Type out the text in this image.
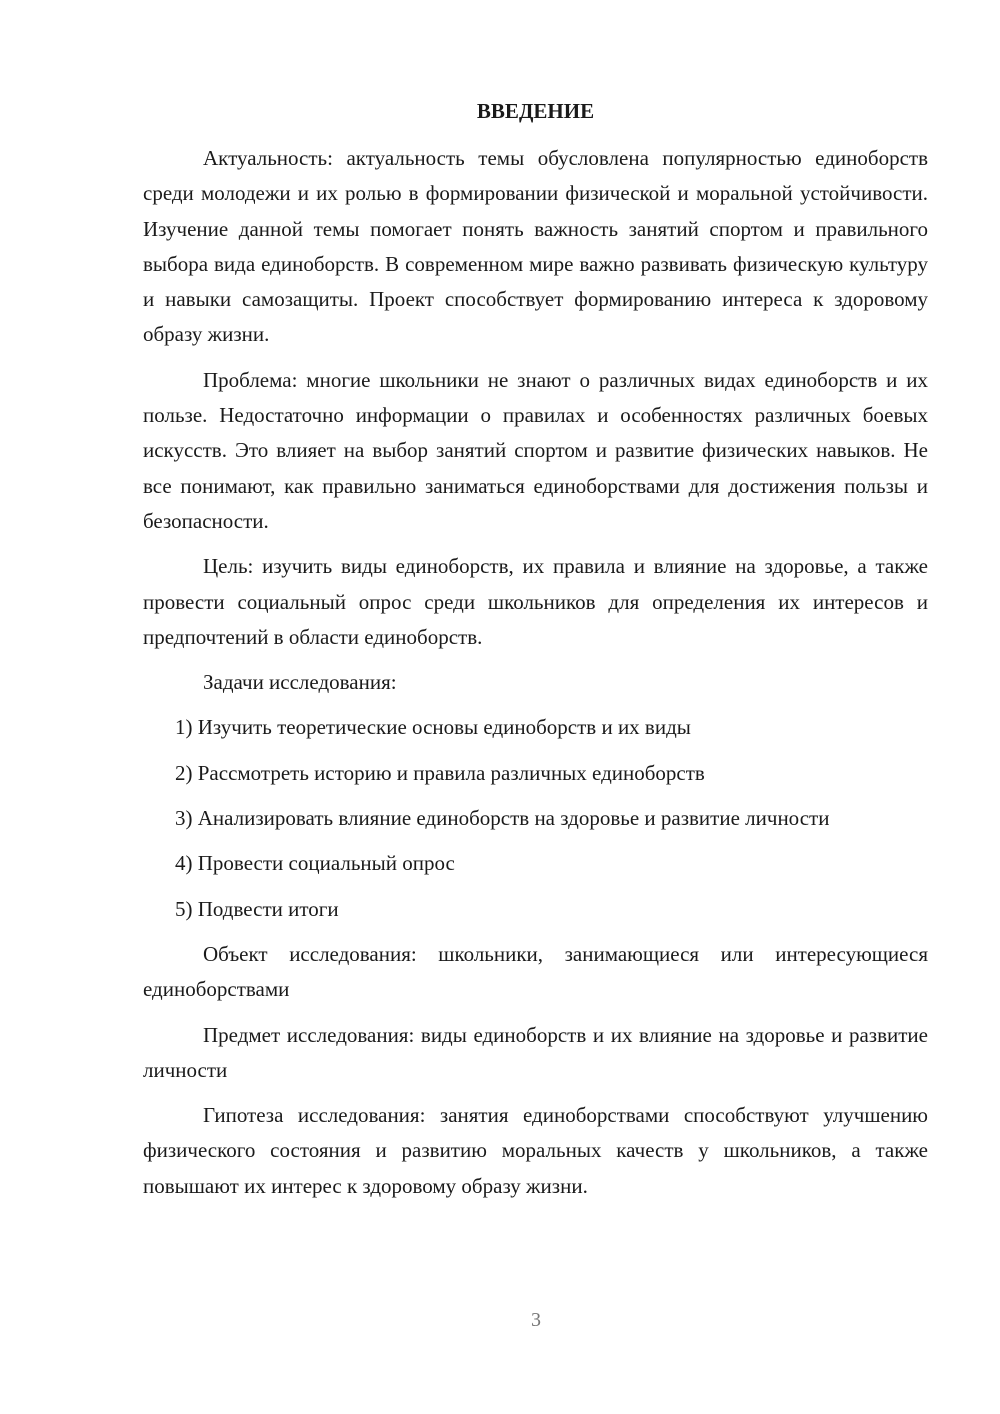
ВВЕДЕНИЕ

Актуальность: актуальность темы обусловлена популярностью единоборств среди молодежи и их ролью в формировании физической и моральной устойчивости. Изучение данной темы помогает понять важность занятий спортом и правильного выбора вида единоборств. В современном мире важно развивать физическую культуру и навыки самозащиты. Проект способствует формированию интереса к здоровому образу жизни.

Проблема: многие школьники не знают о различных видах единоборств и их пользе. Недостаточно информации о правилах и особенностях различных боевых искусств. Это влияет на выбор занятий спортом и развитие физических навыков. Не все понимают, как правильно заниматься единоборствами для достижения пользы и безопасности.

Цель: изучить виды единоборств, их правила и влияние на здоровье, а также провести социальный опрос среди школьников для определения их интересов и предпочтений в области единоборств.

Задачи исследования:

1) Изучить теоретические основы единоборств и их виды

2) Рассмотреть историю и правила различных единоборств

3) Анализировать влияние единоборств на здоровье и развитие личности

4) Провести социальный опрос

5) Подвести итоги

Объект исследования: школьники, занимающиеся или интересующиеся единоборствами

Предмет исследования: виды единоборств и их влияние на здоровье и развитие личности

Гипотеза исследования: занятия единоборствами способствуют улучшению физического состояния и развитию моральных качеств у школьников, а также повышают их интерес к здоровому образу жизни.

3
